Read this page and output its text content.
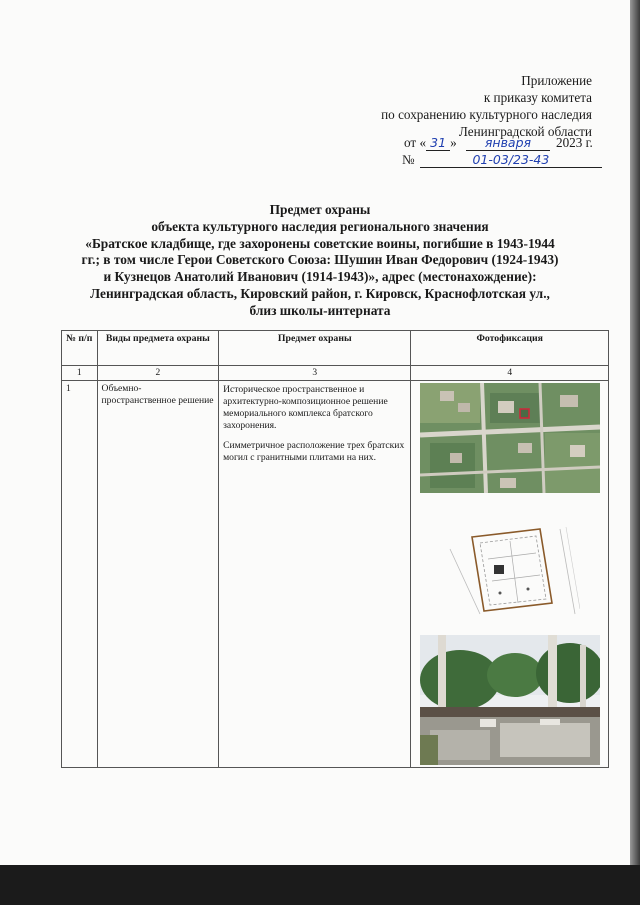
Приложение
к приказу комитета
по сохранению культурного наследия
Ленинградской области
от « 31 » января 2023 г.
№	01-03/23-43
Предмет охраны
объекта культурного наследия регионального значения
«Братское кладбище, где захоронены советские воины, погибшие в 1943-1944
гг.; в том числе Герои Советского Союза: Шушин Иван Федорович (1924-1943)
и Кузнецов Анатолий Иванович (1914-1943)», адрес (местонахождение):
Ленинградская область, Кировский район, г. Кировск, Краснофлотская ул.,
близ школы-интерната
№ п/п	Виды предмета охраны	Предмет охраны	Фотофиксация
1	2	3	4
1	Объемно-пространственное решение	Историческое пространственное и архитектурно-композиционное решение мемориального комплекса братского захоронения.

Симметричное расположение трех братских могил с гранитными плитами на них.
